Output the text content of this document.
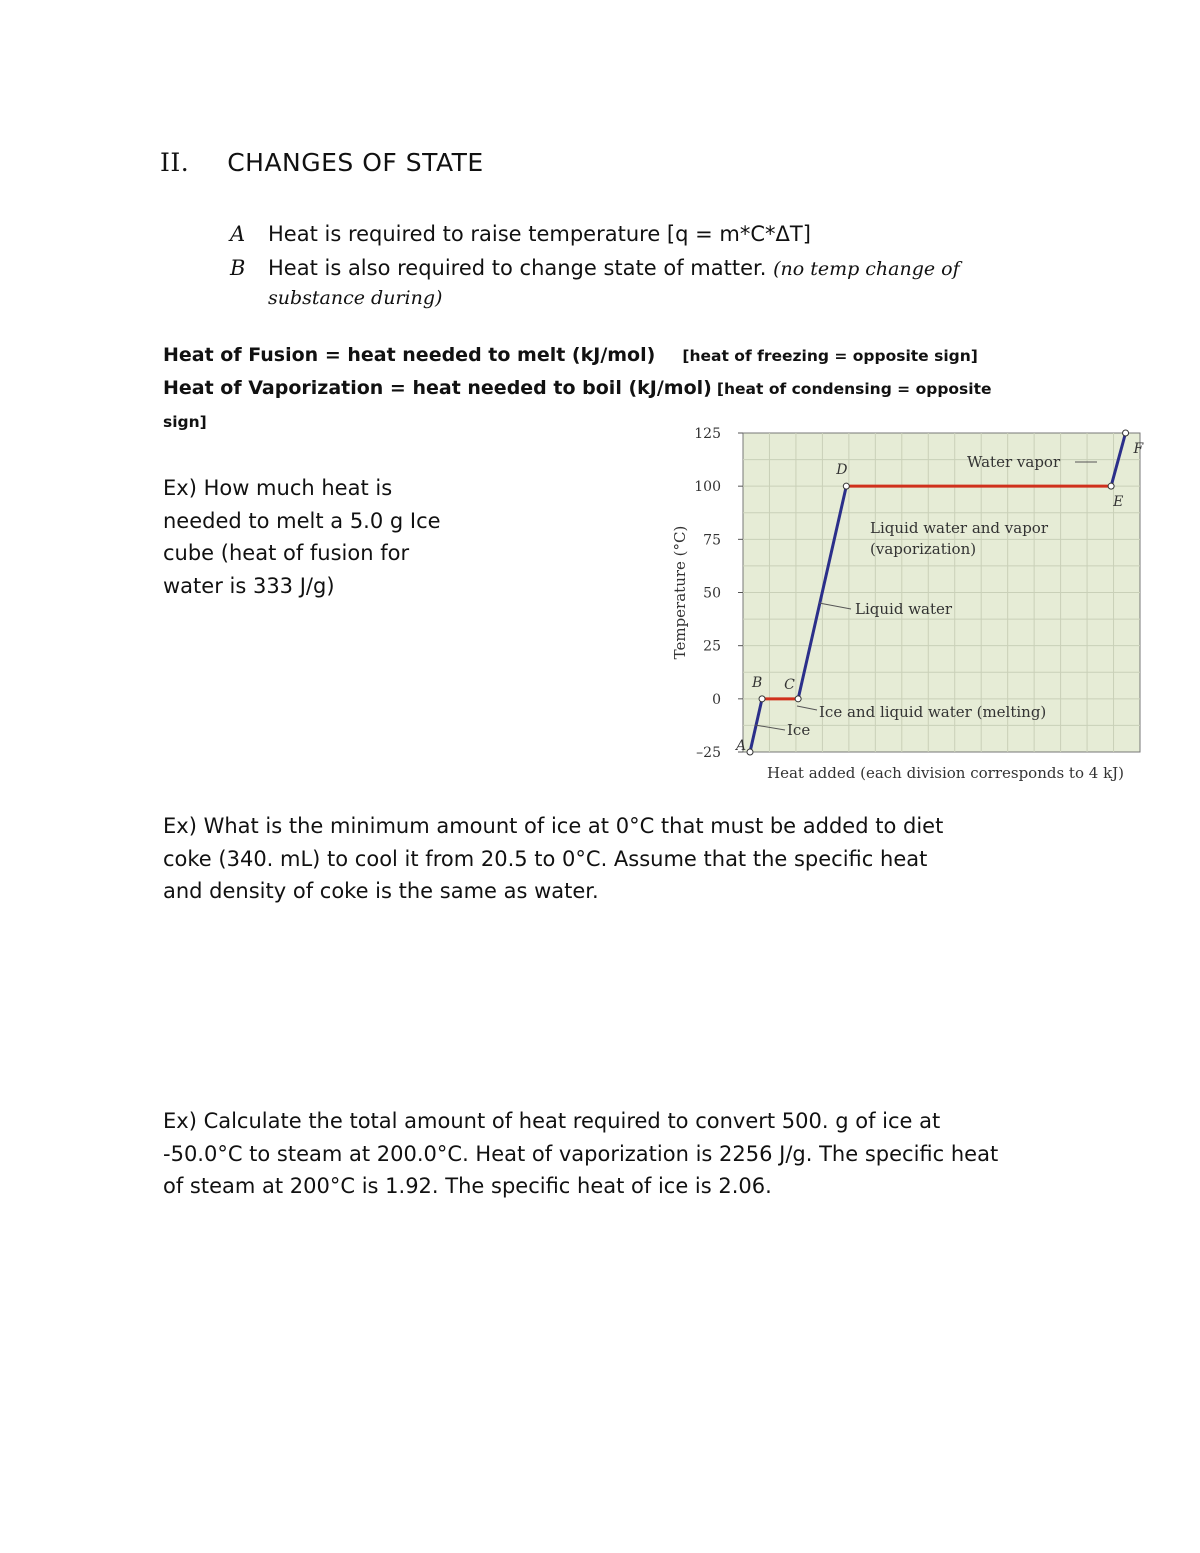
II. CHANGES OF STATE
A Heat is required to raise temperature [q = m*C*ΔT]
B Heat is also required to change state of matter. (no temp change of
substance during)
Heat of Fusion = heat needed to melt (kJ/mol) [heat of freezing = opposite sign]
Heat of Vaporization = heat needed to boil (kJ/mol) [heat of condensing = opposite
sign]
Ex) How much heat is
needed to melt a 5.0 g Ice
cube (heat of fusion for
water is 333 J/g)
125
100
75
50
25
0
–25
Temperature (°C)
Heat added (each division corresponds to 4 kJ)
A
B C
D
E
F
Water vapor
Liquid water and vapor
(vaporization)
Liquid water
Ice and liquid water (melting)
Ice
Ex) What is the minimum amount of ice at 0°C that must be added to diet
coke (340. mL) to cool it from 20.5 to 0°C. Assume that the specific heat
and density of coke is the same as water.
Ex) Calculate the total amount of heat required to convert 500. g of ice at
-50.0°C to steam at 200.0°C. Heat of vaporization is 2256 J/g. The specific heat
of steam at 200°C is 1.92. The specific heat of ice is 2.06.
